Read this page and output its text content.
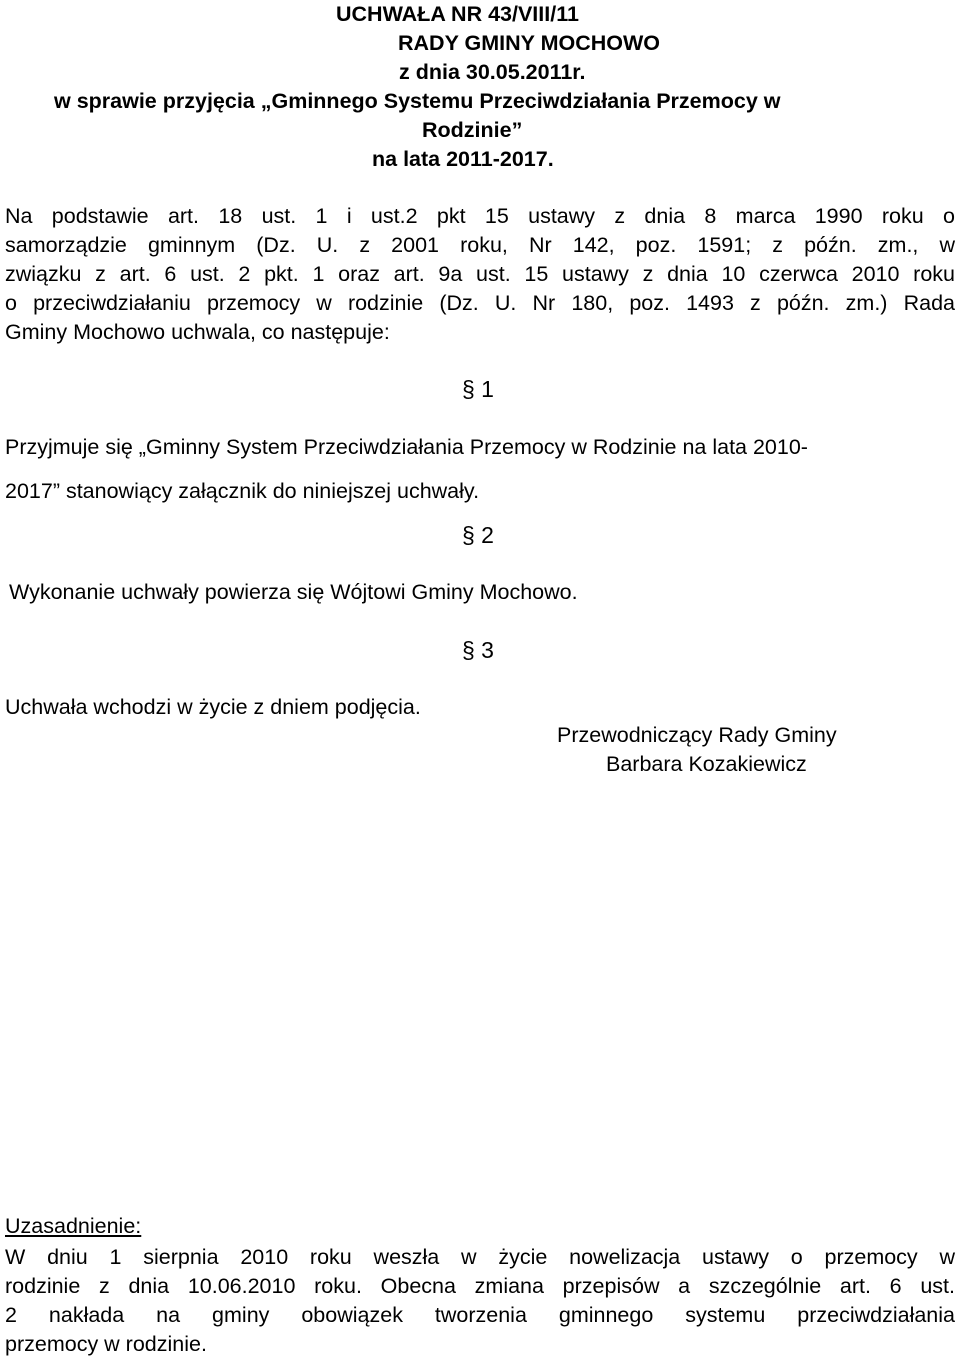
UCHWAŁA NR 43/VIII/11
RADY GMINY MOCHOWO
z dnia 30.05.2011r.
w sprawie przyjęcia „Gminnego Systemu Przeciwdziałania Przemocy w
Rodzinie”
na lata 2011-2017.
Na podstawie art. 18 ust. 1 i ust.2 pkt 15 ustawy z dnia 8 marca 1990 roku o
samorządzie gminnym (Dz. U. z 2001 roku, Nr 142, poz. 1591; z późn. zm., w
związku z art. 6 ust. 2 pkt. 1 oraz art. 9a ust. 15 ustawy z dnia 10 czerwca 2010 roku
o przeciwdziałaniu przemocy w rodzinie (Dz. U. Nr 180, poz. 1493 z późn. zm.) Rada
Gminy Mochowo uchwala, co następuje:
§ 1
Przyjmuje się „Gminny System Przeciwdziałania Przemocy w Rodzinie na lata 2010-
2017” stanowiący załącznik do niniejszej uchwały.
§ 2
Wykonanie uchwały powierza się Wójtowi Gminy Mochowo.
§ 3
Uchwała wchodzi w życie z dniem podjęcia.
Przewodniczący Rady Gminy
Barbara Kozakiewicz
Uzasadnienie:
W dniu 1 sierpnia 2010 roku weszła w życie nowelizacja ustawy o przemocy w
rodzinie z dnia 10.06.2010 roku. Obecna zmiana przepisów a szczególnie art. 6 ust.
2 nakłada na gminy obowiązek tworzenia gminnego systemu przeciwdziałania
przemocy w rodzinie.
